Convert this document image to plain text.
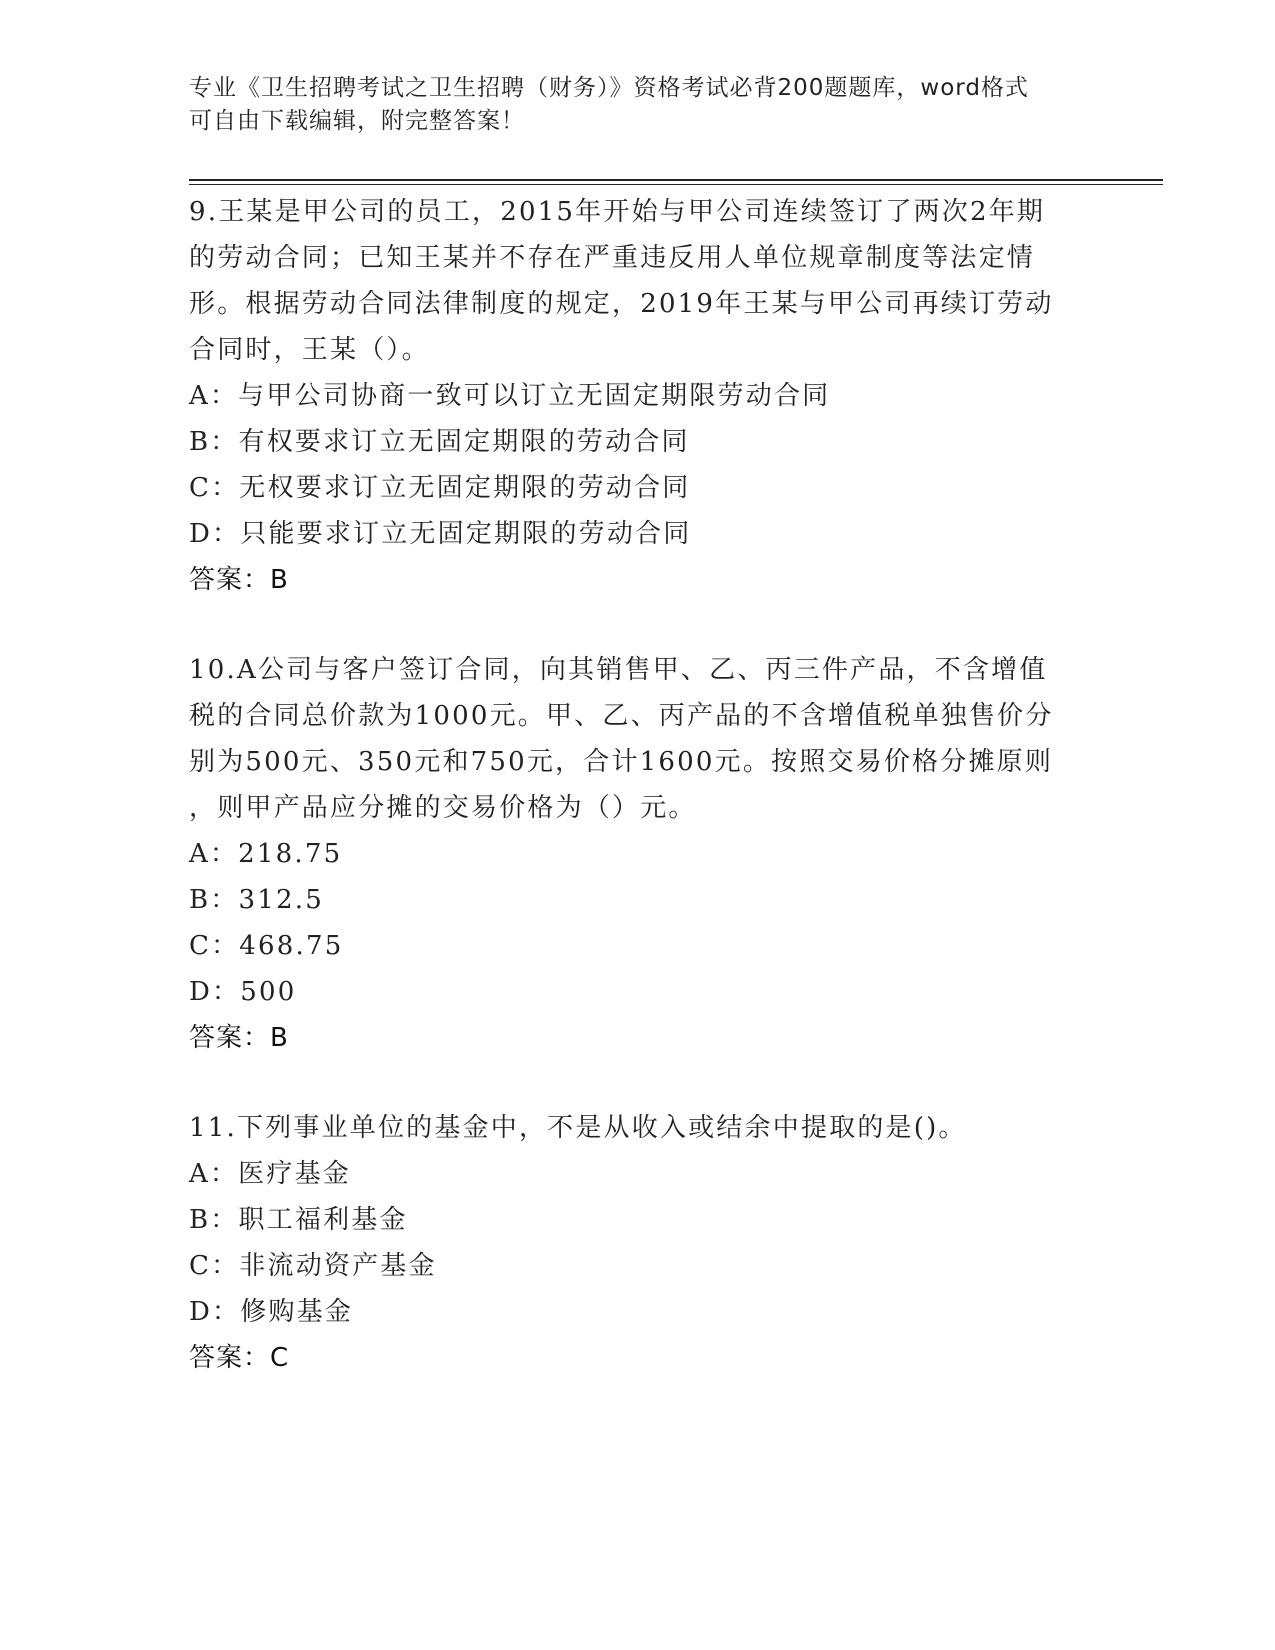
专业《卫生招聘考试之卫生招聘（财务）》资格考试必背200题题库，word格式
可自由下载编辑，附完整答案！
9.王某是甲公司的员工，2015年开始与甲公司连续签订了两次2年期
的劳动合同；已知王某并不存在严重违反用人单位规章制度等法定情
形。根据劳动合同法律制度的规定，2019年王某与甲公司再续订劳动
合同时，王某（）。
A：与甲公司协商一致可以订立无固定期限劳动合同
B：有权要求订立无固定期限的劳动合同
C：无权要求订立无固定期限的劳动合同
D：只能要求订立无固定期限的劳动合同
答案：B
10.A公司与客户签订合同，向其销售甲、乙、丙三件产品，不含增值
税的合同总价款为1000元。甲、乙、丙产品的不含增值税单独售价分
别为500元、350元和750元，合计1600元。按照交易价格分摊原则
，则甲产品应分摊的交易价格为（）元。
A：218.75
B：312.5
C：468.75
D：500
答案：B
11.下列事业单位的基金中，不是从收入或结余中提取的是()。
A：医疗基金
B：职工福利基金
C：非流动资产基金
D：修购基金
答案：C
